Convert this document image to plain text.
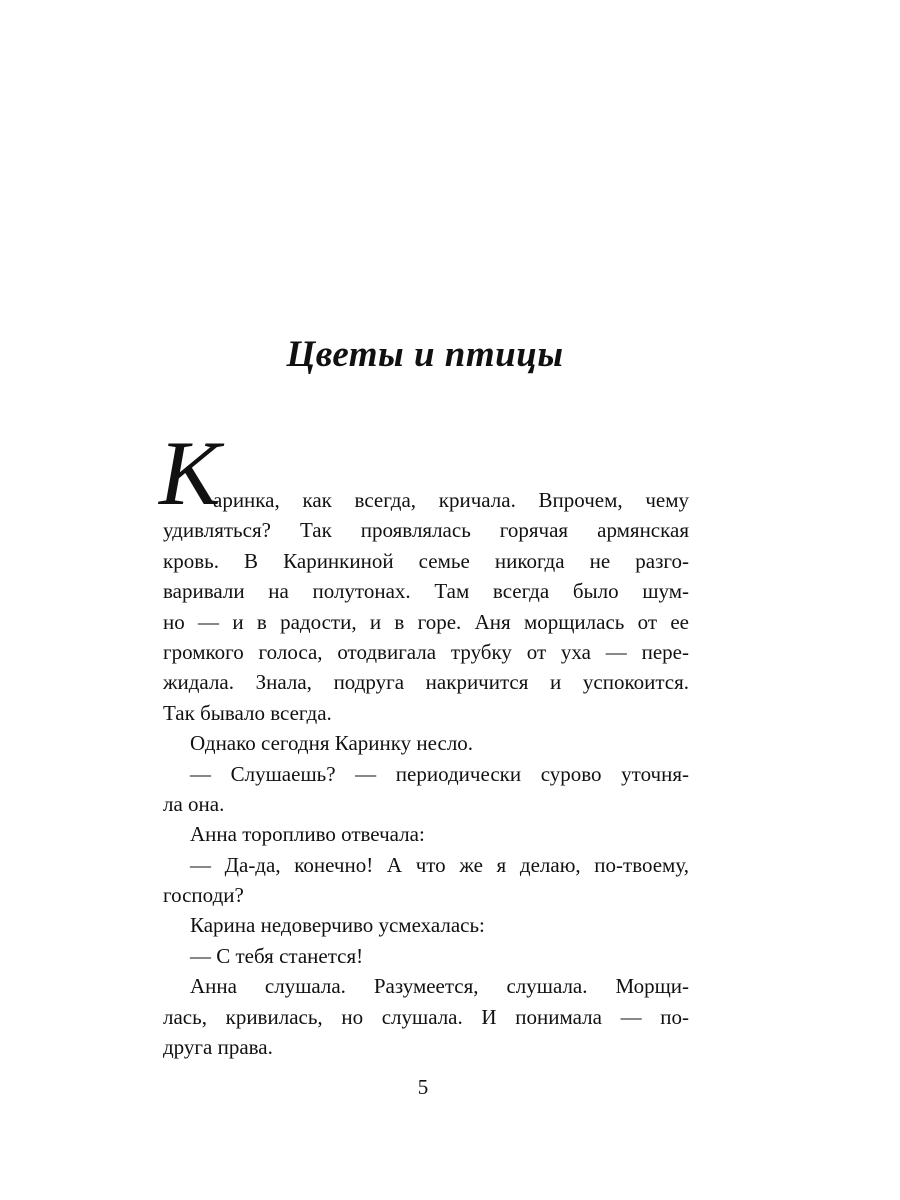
Цветы и птицы
К
аринка, как всегда, кричала. Впрочем, чему
удивляться? Так проявлялась горячая армянская
кровь. В Каринкиной семье никогда не разго-
варивали на полутонах. Там всегда было шум-
но — и в радости, и в горе. Аня морщилась от ее
громкого голоса, отодвигала трубку от уха — пере-
жидала. Знала, подруга накричится и успокоится.
Так бывало всегда.
Однако сегодня Каринку несло.
— Слушаешь? — периодически сурово уточня-
ла она.
Анна торопливо отвечала:
— Да-да, конечно! А что же я делаю, по-твоему,
господи?
Карина недоверчиво усмехалась:
— С тебя станется!
Анна слушала. Разумеется, слушала. Морщи-
лась, кривилась, но слушала. И понимала — по-
друга права.
5
